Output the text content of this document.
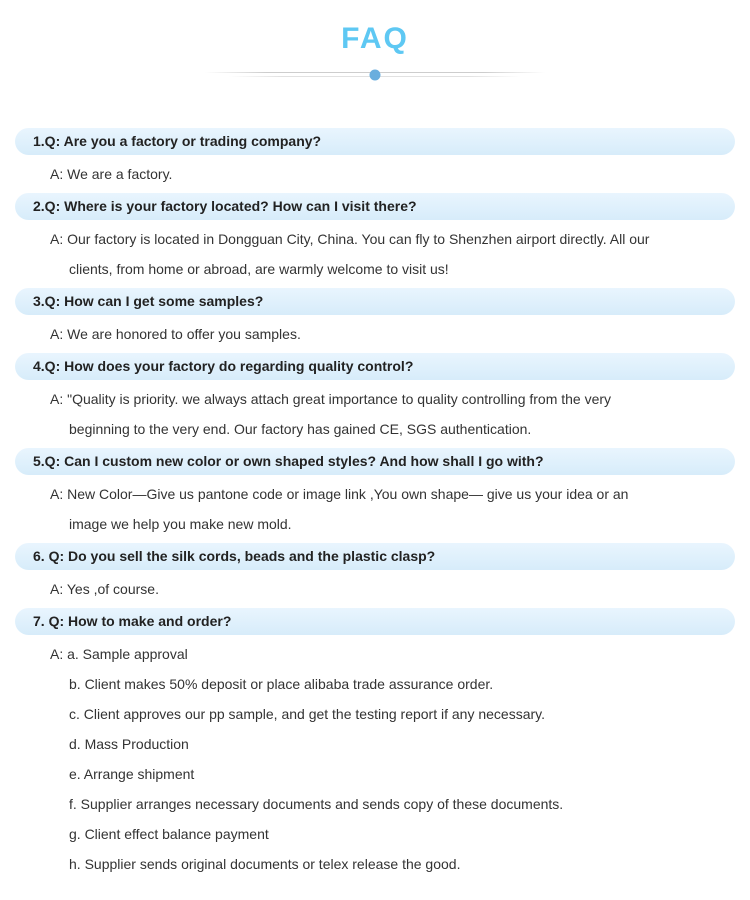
FAQ
1.Q: Are you a factory or trading company?
A: We are a factory.
2.Q: Where is your factory located? How can I visit there?
A: Our factory is located in Dongguan City, China. You can fly to Shenzhen airport directly. All our
clients, from home or abroad, are warmly welcome to visit us!
3.Q: How can I get some samples?
A: We are honored to offer you samples.
4.Q: How does your factory do regarding quality control?
A: "Quality is priority. we always attach great importance to quality controlling from the very
beginning to the very end. Our factory has gained CE, SGS authentication.
5.Q: Can I custom new color or own shaped styles? And how shall I go with?
A: New Color—Give us pantone code or image link ,You own shape— give us your idea or an
image we help you make new mold.
6. Q: Do you sell the silk cords, beads and the plastic clasp?
A: Yes ,of course.
7. Q: How to make and order?
A: a. Sample approval
b. Client makes 50% deposit or place alibaba trade assurance order.
c. Client approves our pp sample, and get the testing report if any necessary.
d. Mass Production
e. Arrange shipment
f. Supplier arranges necessary documents and sends copy of these documents.
g. Client effect balance payment
h. Supplier sends original documents or telex release the good.
